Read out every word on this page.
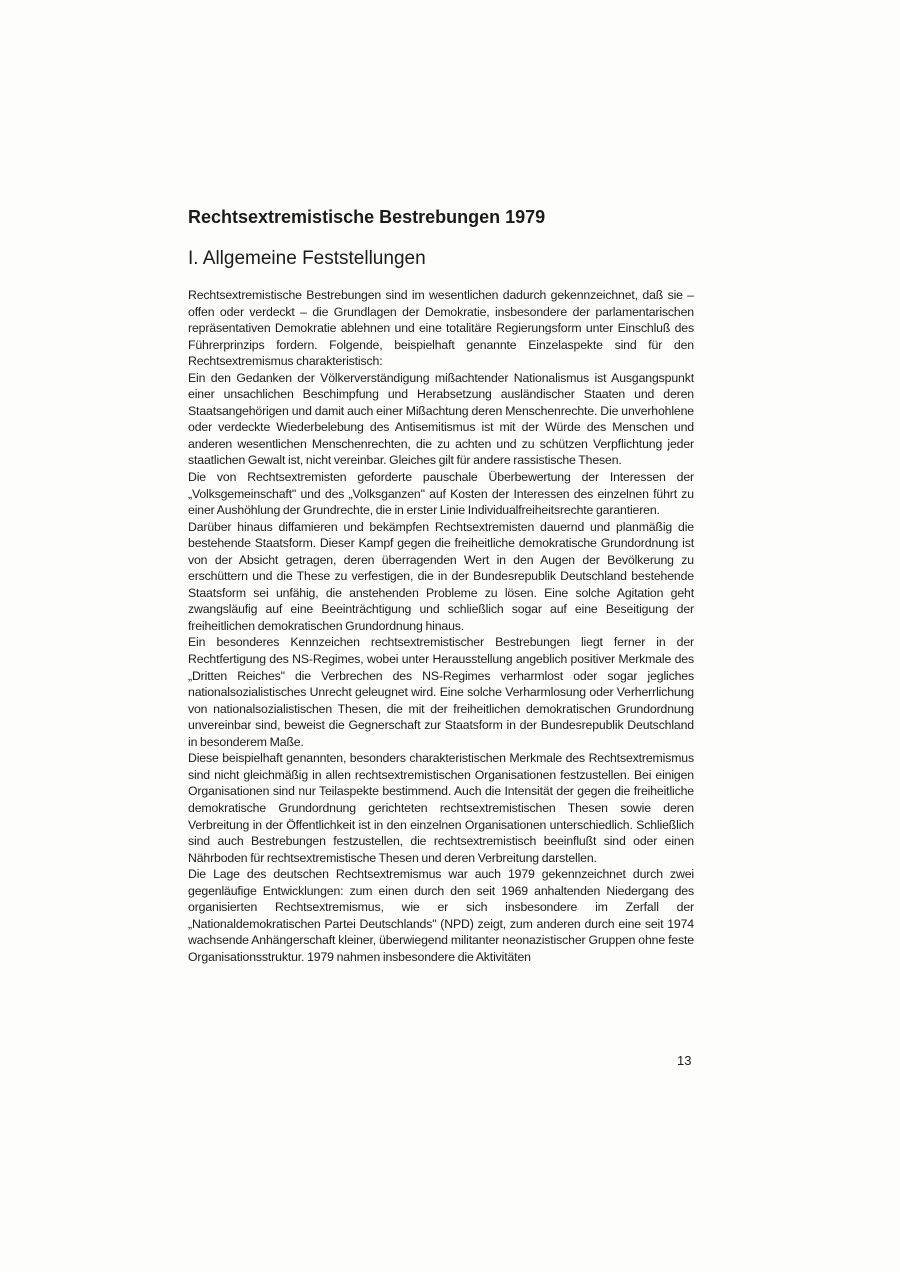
Rechtsextremistische Bestrebungen 1979
I. Allgemeine Feststellungen

Rechtsextremistische Bestrebungen sind im wesentlichen dadurch gekennzeichnet, daß sie – offen oder verdeckt – die Grundlagen der Demokratie, insbesondere der parlamentarischen repräsentativen Demokratie ablehnen und eine totalitäre Regierungsform unter Einschluß des Führerprinzips fordern. Folgende, beispielhaft genannte Einzelaspekte sind für den Rechtsextremismus charakteristisch:

Ein den Gedanken der Völkerverständigung mißachtender Nationalismus ist Ausgangspunkt einer unsachlichen Beschimpfung und Herabsetzung ausländischer Staaten und deren Staatsangehörigen und damit auch einer Mißachtung deren Menschenrechte. Die unverhohlene oder verdeckte Wiederbelebung des Antisemitismus ist mit der Würde des Menschen und anderen wesentlichen Menschenrechten, die zu achten und zu schützen Verpflichtung jeder staatlichen Gewalt ist, nicht vereinbar. Gleiches gilt für andere rassistische Thesen.

Die von Rechtsextremisten geforderte pauschale Überbewertung der Interessen der „Volksgemeinschaft" und des „Volksganzen" auf Kosten der Interessen des einzelnen führt zu einer Aushöhlung der Grundrechte, die in erster Linie Individualfreiheitsrechte garantieren.

Darüber hinaus diffamieren und bekämpfen Rechtsextremisten dauernd und planmäßig die bestehende Staatsform. Dieser Kampf gegen die freiheitliche demokratische Grundordnung ist von der Absicht getragen, deren überragenden Wert in den Augen der Bevölkerung zu erschüttern und die These zu verfestigen, die in der Bundesrepublik Deutschland bestehende Staatsform sei unfähig, die anstehenden Probleme zu lösen. Eine solche Agitation geht zwangsläufig auf eine Beeinträchtigung und schließlich sogar auf eine Beseitigung der freiheitlichen demokratischen Grundordnung hinaus.

Ein besonderes Kennzeichen rechtsextremistischer Bestrebungen liegt ferner in der Rechtfertigung des NS-Regimes, wobei unter Herausstellung angeblich positiver Merkmale des „Dritten Reiches" die Verbrechen des NS-Regimes verharmlost oder sogar jegliches nationalsozialistisches Unrecht geleugnet wird. Eine solche Verharmlosung oder Verherrlichung von nationalsozialistischen Thesen, die mit der freiheitlichen demokratischen Grundordnung unvereinbar sind, beweist die Gegnerschaft zur Staatsform in der Bundesrepublik Deutschland in besonderem Maße.

Diese beispielhaft genannten, besonders charakteristischen Merkmale des Rechtsextremismus sind nicht gleichmäßig in allen rechtsextremistischen Organisationen festzustellen. Bei einigen Organisationen sind nur Teilaspekte bestimmend. Auch die Intensität der gegen die freiheitliche demokratische Grundordnung gerichteten rechtsextremistischen Thesen sowie deren Verbreitung in der Öffentlichkeit ist in den einzelnen Organisationen unterschiedlich. Schließlich sind auch Bestrebungen festzustellen, die rechtsextremistisch beeinflußt sind oder einen Nährboden für rechtsextremistische Thesen und deren Verbreitung darstellen.

Die Lage des deutschen Rechtsextremismus war auch 1979 gekennzeichnet durch zwei gegenläufige Entwicklungen: zum einen durch den seit 1969 anhaltenden Niedergang des organisierten Rechtsextremismus, wie er sich insbesondere im Zerfall der „Nationaldemokratischen Partei Deutschlands" (NPD) zeigt, zum anderen durch eine seit 1974 wachsende Anhängerschaft kleiner, überwiegend militanter neonazistischer Gruppen ohne feste Organisationsstruktur. 1979 nahmen insbesondere die Aktivitäten

13
